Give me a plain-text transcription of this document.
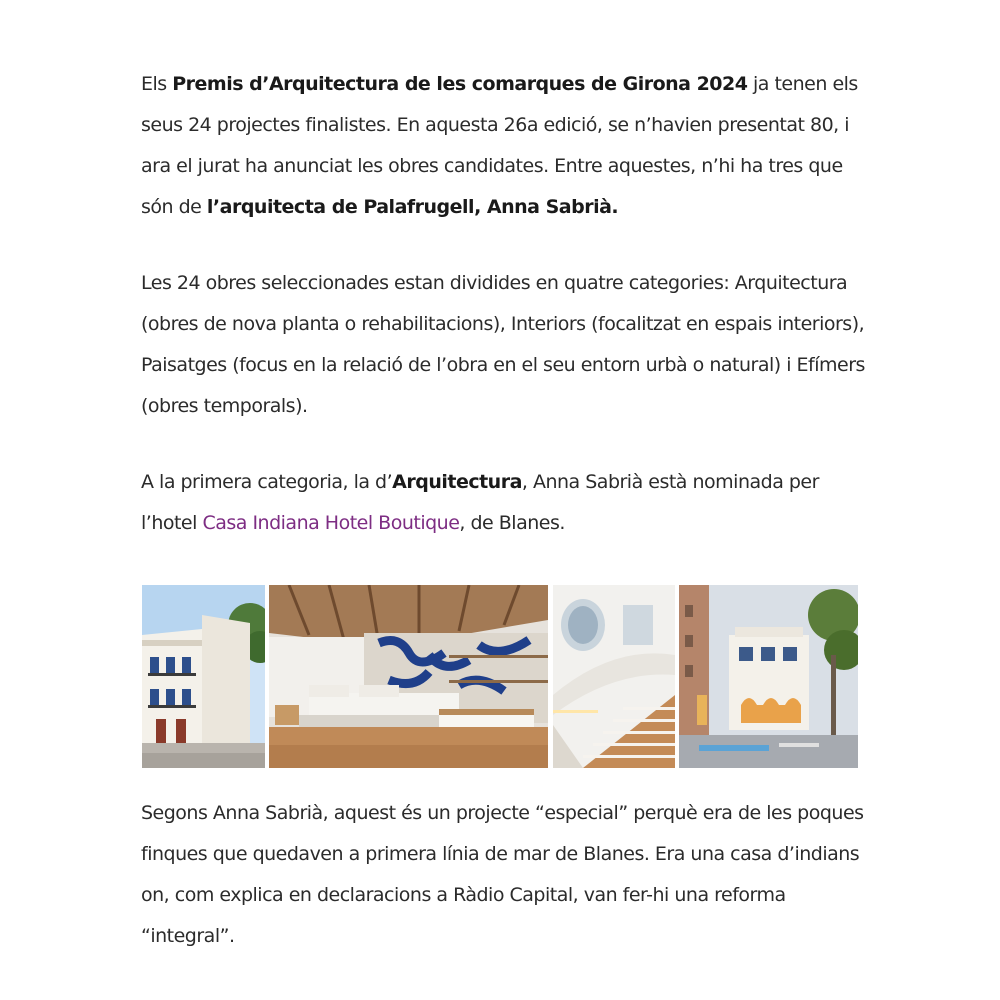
Els Premis d’Arquitectura de les comarques de Girona 2024 ja tenen els seus 24 projectes finalistes. En aquesta 26a edició, se n’havien presentat 80, i ara el jurat ha anunciat les obres candidates. Entre aquestes, n’hi ha tres que són de l’arquitecta de Palafrugell, Anna Sabrià.

Les 24 obres seleccionades estan dividides en quatre categories: Arquitectura (obres de nova planta o rehabilitacions), Interiors (focalitzat en espais interiors), Paisatges (focus en la relació de l’obra en el seu entorn urbà o natural) i Efímers (obres temporals).

A la primera categoria, la d’Arquitectura, Anna Sabrià està nominada per l’hotel Casa Indiana Hotel Boutique, de Blanes.

Segons Anna Sabrià, aquest és un projecte “especial” perquè era de les poques finques que quedaven a primera línia de mar de Blanes. Era una casa d’indians on, com explica en declaracions a Ràdio Capital, van fer-hi una reforma “integral”.
